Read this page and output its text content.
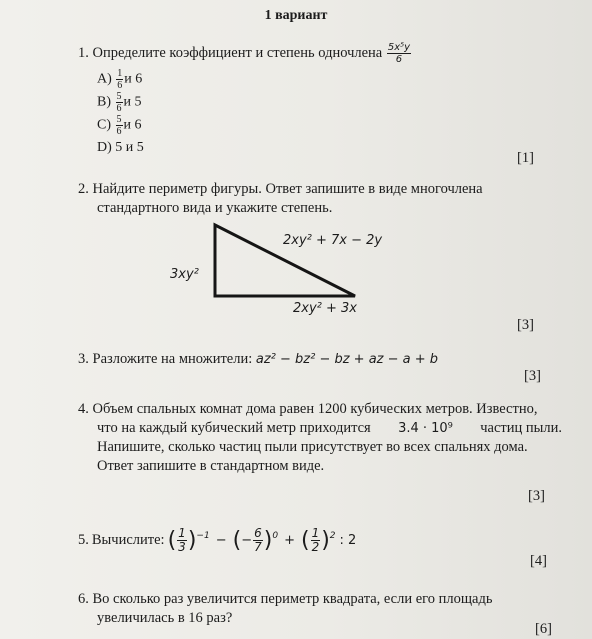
1 вариант
1. Определите коэффициент и степень одночлена $\frac{\text{5x⁵y}}{6}$
$A) \frac{1}{6}$ и 6
$B) \frac{5}{6}$ и 5
$C) \frac{5}{6}$ и 6
D) 5 и 5
[1]
2. Найдите периметр фигуры. Ответ запишите в виде многочлена
стандартного вида и укажите степень.
2xy² + 7x − 2y
3xy²
2xy² + 3x
[3]
3. Разложите на множители: az² − bz² − bz + az − a + b
[3]
4. Объем спальных комнат дома равен 1200 кубических метров. Известно,
что на каждый кубический метр приходится 3.4 · 10⁹ частиц пыли.
Напишите, сколько частиц пыли присутствует во всех спальнях дома.
Ответ запишите в стандартном виде.
[3]
5. Вычислите: ( $\frac{1}{3} )^{-1}$ − ( − $\frac{6}{7} )^0$ + ( $\frac{1}{2} )^2$ : 2
[4]
6. Во сколько раз увеличится периметр квадрата, если его площадь
увеличилась в 16 раз?
[6]
